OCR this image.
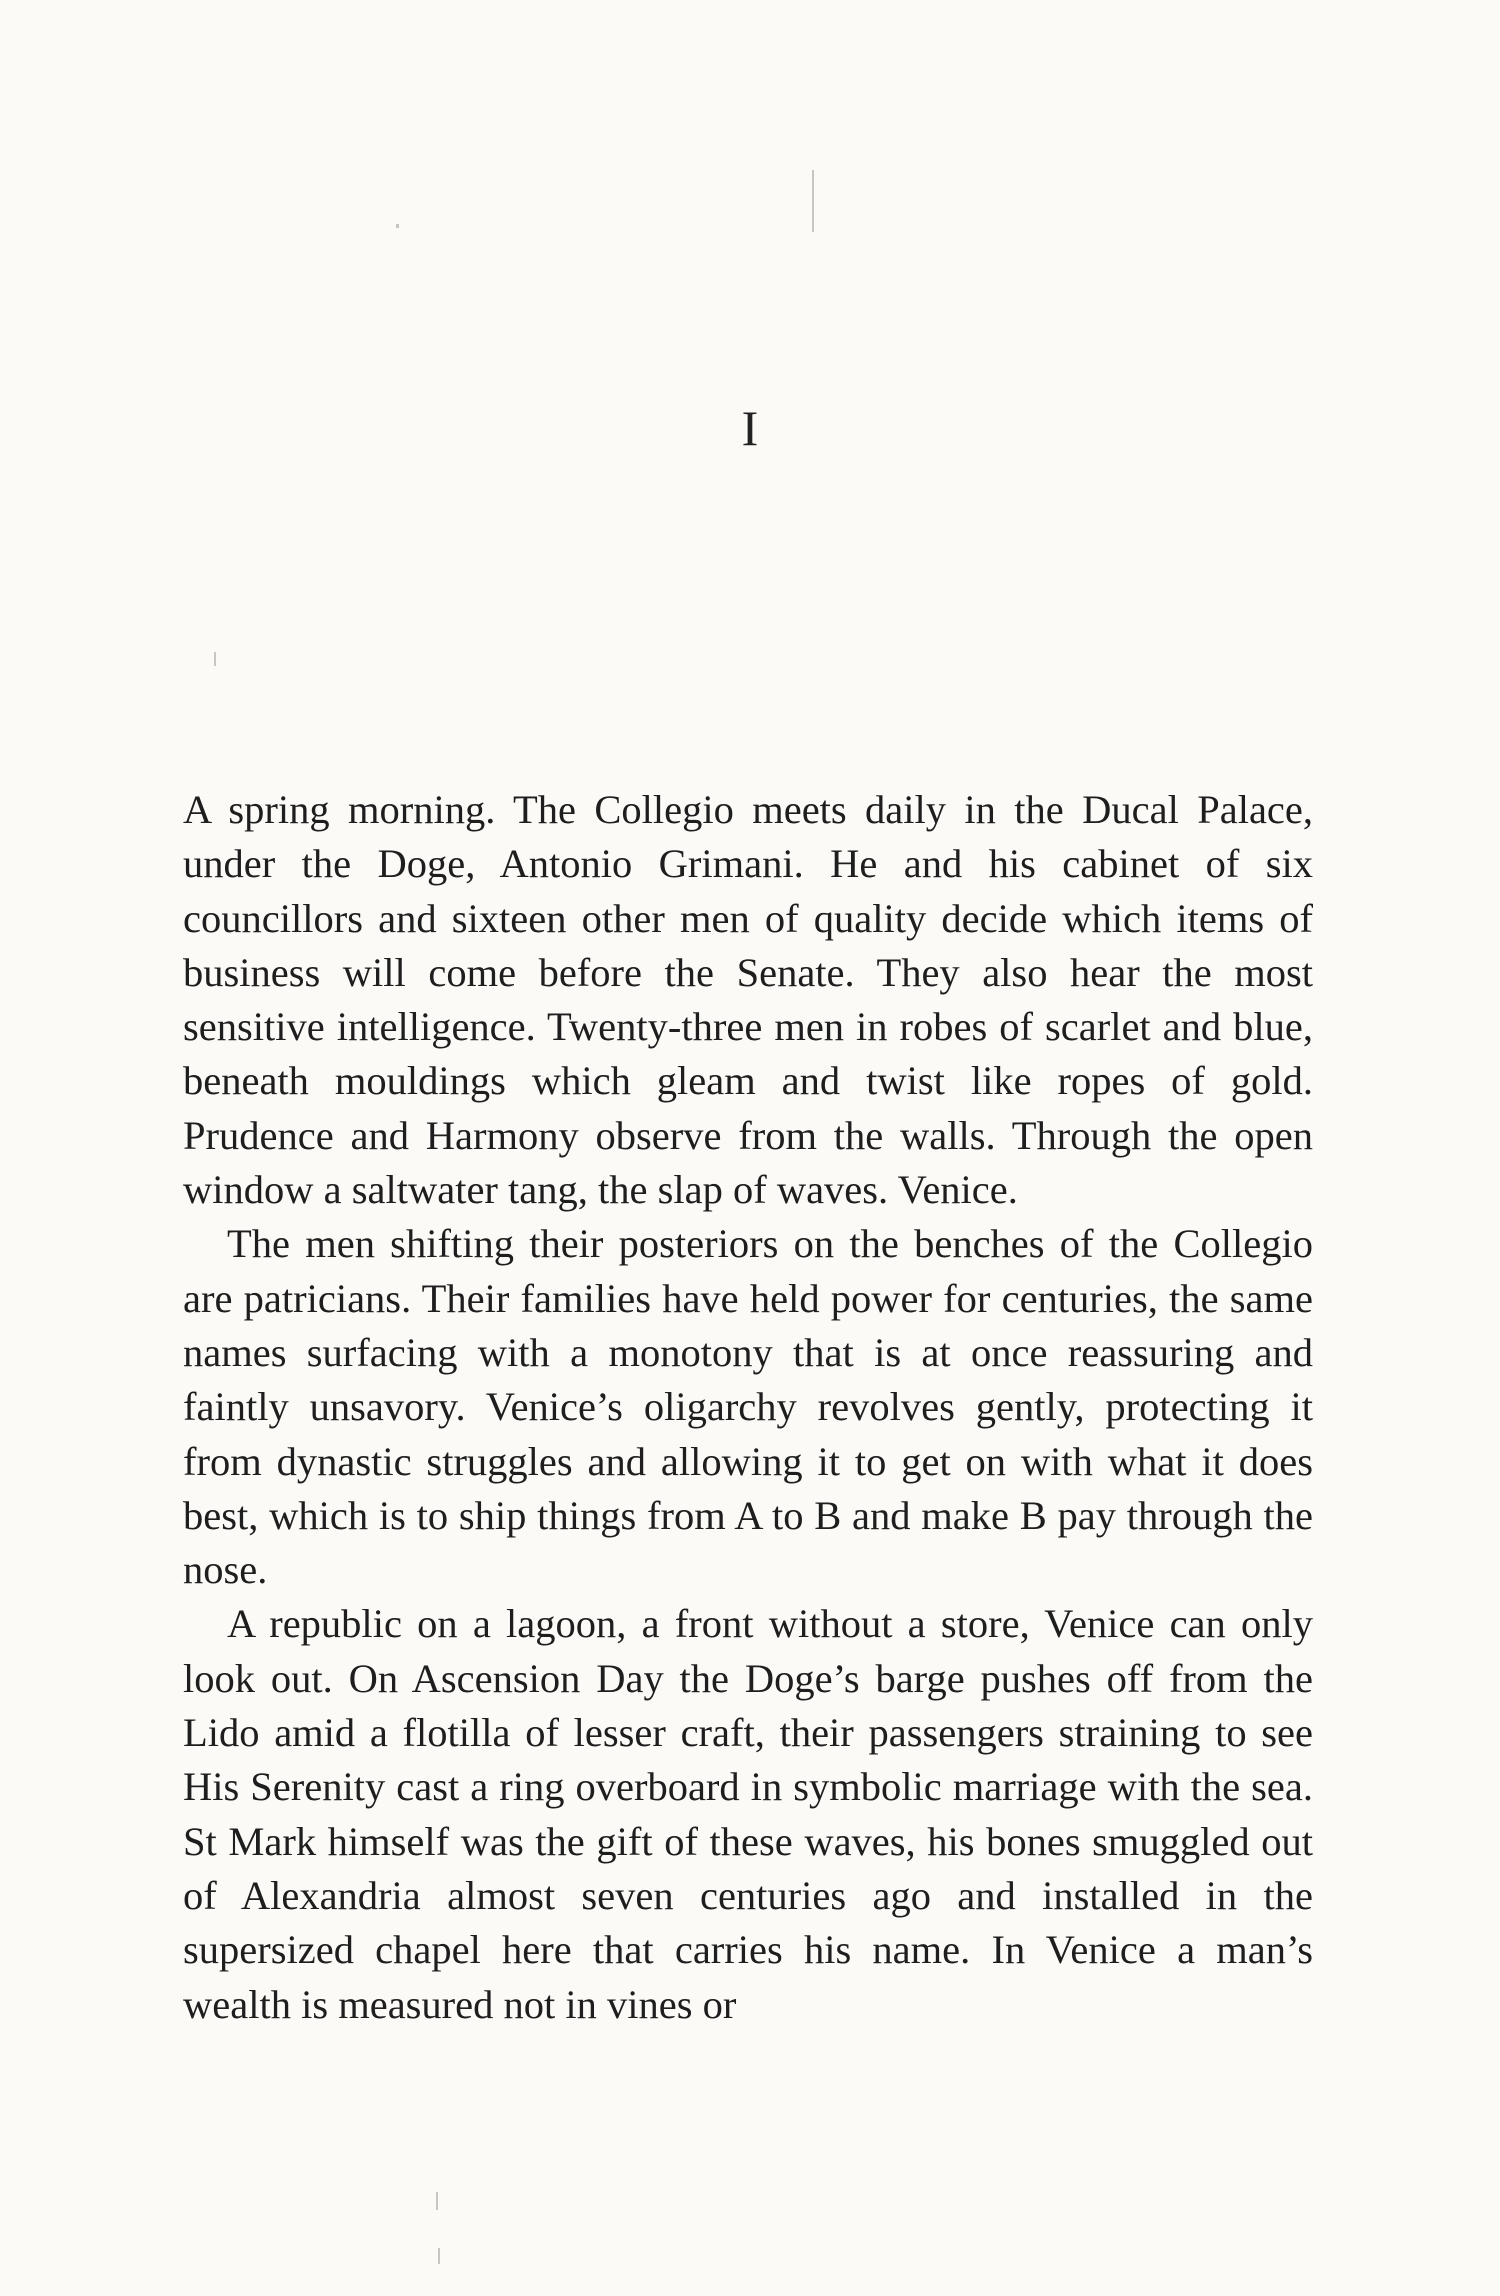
I

A spring morning. The Collegio meets daily in the Ducal Palace, under the Doge, Antonio Grimani. He and his cabinet of six councillors and sixteen other men of quality decide which items of business will come before the Senate. They also hear the most sensitive intelligence. Twenty-three men in robes of scarlet and blue, beneath mouldings which gleam and twist like ropes of gold. Prudence and Harmony observe from the walls. Through the open window a saltwater tang, the slap of waves. Venice.

The men shifting their posteriors on the benches of the Collegio are patricians. Their families have held power for centuries, the same names surfacing with a monotony that is at once reassuring and faintly unsavory. Venice’s oligarchy revolves gently, protecting it from dynastic struggles and allowing it to get on with what it does best, which is to ship things from A to B and make B pay through the nose.

A republic on a lagoon, a front without a store, Venice can only look out. On Ascension Day the Doge’s barge pushes off from the Lido amid a flotilla of lesser craft, their passengers straining to see His Serenity cast a ring overboard in symbolic marriage with the sea. St Mark himself was the gift of these waves, his bones smuggled out of Alexandria almost seven centuries ago and installed in the supersized chapel here that carries his name. In Venice a man’s wealth is measured not in vines or
